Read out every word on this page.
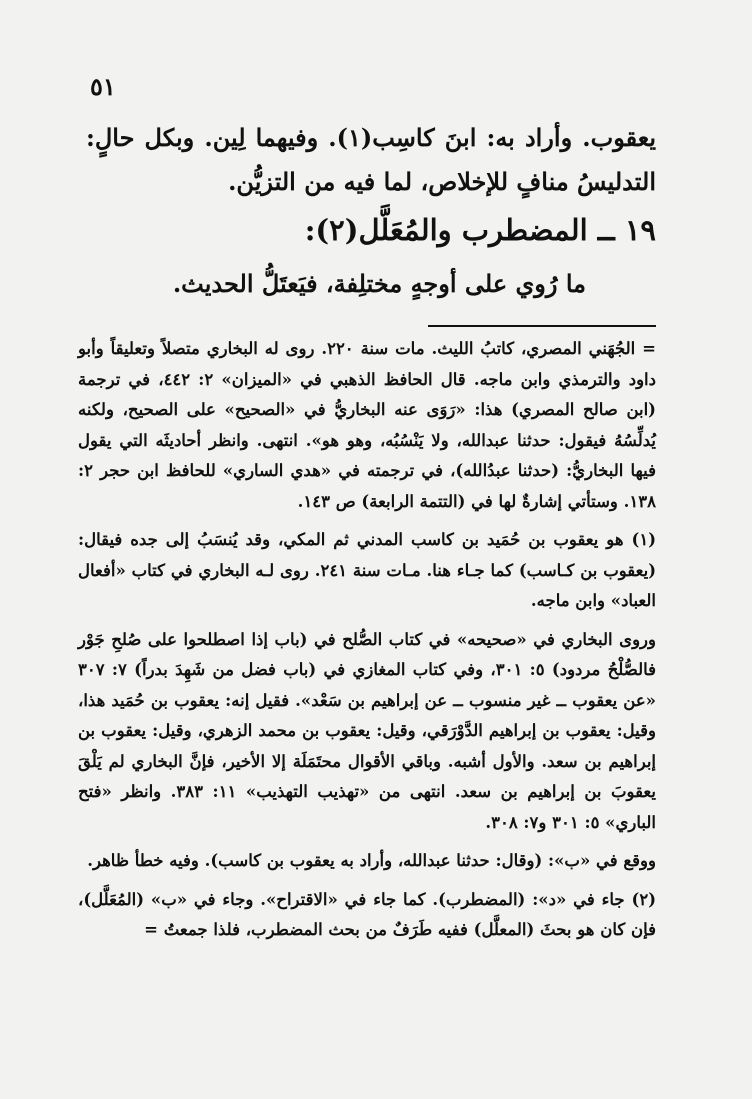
٥١

يعقوب. وأراد به: ابنَ كاسِب(١). وفيهما لِين. وبكل حالٍ: التدليسُ منافٍ للإخلاص، لما فيه من التزيُّن.

١٩ ــ المضطرب والمُعَلَّل(٢):
ما رُوي على أوجهٍ مختلِفة، فيَعتَلُّ الحديث.

= الجُهَني المصري، كاتبُ الليث. مات سنة ٢٢٠. روى له البخاري متصلاً وتعليقاً وأبو داود والترمذي وابن ماجه. قال الحافظ الذهبي في «الميزان» ٢: ٤٤٢، في ترجمة (ابن صالح المصري) هذا: «رَوَى عنه البخاريُّ في «الصحيح» على الصحيح، ولكنه يُدلِّسُهُ فيقول: حدثنا عبدالله، ولا يَنْسُبُه، وهو هو». انتهى. وانظر أحاديثَه التي يقول فيها البخاريُّ: (حدثنا عبدُالله)، في ترجمته في «هدي الساري» للحافظ ابن حجر ٢: ١٣٨. وستأتي إشارةٌ لها في (التتمة الرابعة) ص ١٤٣.

(١) هو يعقوب بن حُمَيد بن كاسب المدني ثم المكي، وقد يُنسَبُ إلى جده فيقال: (يعقوب بن كـاسب) كما جـاء هنا. مـات سنة ٢٤١. روى لـه البخاري في كتاب «أفعال العباد» وابن ماجه.

وروى البخاري في «صحيحه» في كتاب الصُّلح في (باب إذا اصطلحوا على صُلحِ جَوْر فالصُّلْحُ مردود) ٥: ٣٠١، وفي كتاب المغازي في (باب فضل من شَهِدَ بدراً) ٧: ٣٠٧ «عن يعقوب ــ غير منسوب ــ عن إبراهيم بن سَعْد». فقيل إنه: يعقوب بن حُمَيد هذا، وقيل: يعقوب بن إبراهيم الدَّوْرَقي، وقيل: يعقوب بن محمد الزهري، وقيل: يعقوب بن إبراهيم بن سعد. والأول أشبه. وباقي الأقوال محتَمَلَة إلا الأخير، فإنَّ البخاري لم يَلْقَ يعقوبَ بن إبراهيم بن سعد. انتهى من «تهذيب التهذيب» ١١: ٣٨٣. وانظر «فتح الباري» ٥: ٣٠١ و٧: ٣٠٨.

ووقع في «ب»: (وقال: حدثنا عبدالله، وأراد به يعقوب بن كاسب). وفيه خطأ ظاهر.

(٢) جاء في «د»: (المضطرب). كما جاء في «الاقتراح». وجاء في «ب» (المُعَلَّل)، فإن كان هو بحثَ (المعلَّل) ففيه طَرَفٌ من بحث المضطرب، فلذا جمعتُ =
